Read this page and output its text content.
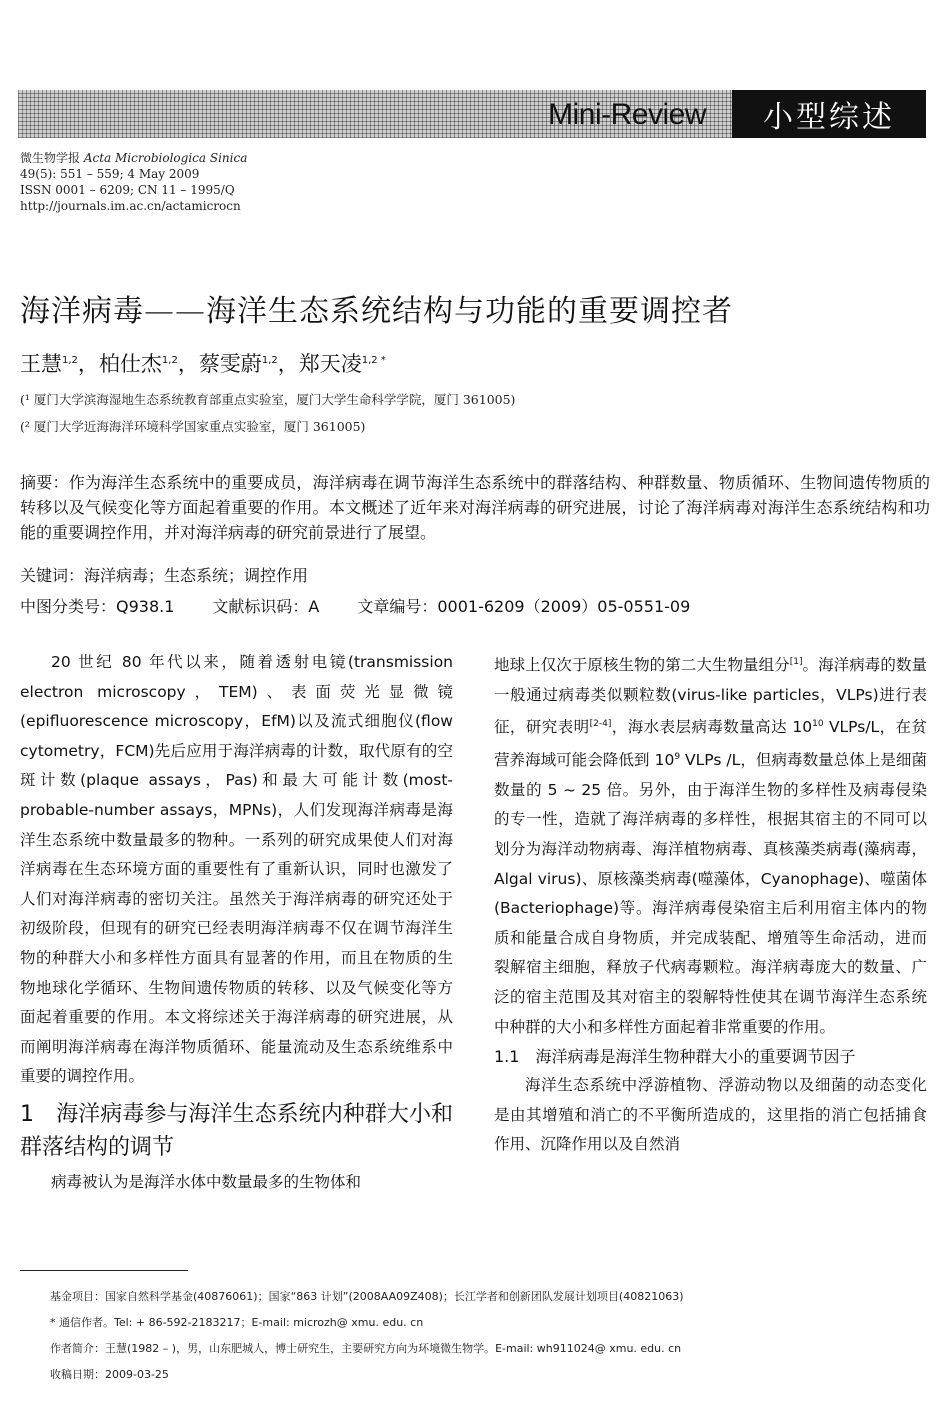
Mini-Review	小型综述
微生物学报 Acta Microbiologica Sinica
49(5): 551 – 559; 4 May 2009
ISSN 0001 – 6209; CN 11 – 1995/Q
http://journals.im.ac.cn/actamicrocn
海洋病毒——海洋生态系统结构与功能的重要调控者
王慧$^{1,2}$，柏仕杰$^{1,2}$，蔡雯蔚$^{1,2}$，郑天凌$^{1,2 *}$
(¹ 厦门大学滨海湿地生态系统教育部重点实验室，厦门大学生命科学学院，厦门 361005)
(² 厦门大学近海海洋环境科学国家重点实验室，厦门 361005)
摘要：作为海洋生态系统中的重要成员，海洋病毒在调节海洋生态系统中的群落结构、种群数量、物质循环、生物间遗传物质的转移以及气候变化等方面起着重要的作用。本文概述了近年来对海洋病毒的研究进展，讨论了海洋病毒对海洋生态系统结构和功能的重要调控作用，并对海洋病毒的研究前景进行了展望。
关键词：海洋病毒；生态系统；调控作用
中图分类号：Q938.1 文献标识码：A 文章编号：0001-6209（2009）05-0551-09

20 世纪 80 年代以来，随着透射电镜(transmission electron microscopy，TEM)、表面荧光显微镜(epifluorescence microscopy，EfM)以及流式细胞仪(flow cytometry，FCM)先后应用于海洋病毒的计数，取代原有的空斑计数(plaque assays，Pas)和最大可能计数(most-probable-number assays，MPNs)，人们发现海洋病毒是海洋生态系统中数量最多的物种。一系列的研究成果使人们对海洋病毒在生态环境方面的重要性有了重新认识，同时也激发了人们对海洋病毒的密切关注。虽然关于海洋病毒的研究还处于初级阶段，但现有的研究已经表明海洋病毒不仅在调节海洋生物的种群大小和多样性方面具有显著的作用，而且在物质的生物地球化学循环、生物间遗传物质的转移、以及气候变化等方面起着重要的作用。本文将综述关于海洋病毒的研究进展，从而阐明海洋病毒在海洋物质循环、能量流动及生态系统维系中重要的调控作用。

1　海洋病毒参与海洋生态系统内种群大小和群落结构的调节

病毒被认为是海洋水体中数量最多的生物体和

地球上仅次于原核生物的第二大生物量组分[1]。海洋病毒的数量一般通过病毒类似颗粒数(virus-like particles，VLPs)进行表征，研究表明[2-4]，海水表层病毒数量高达 $10^{10}$ VLPs/L，在贫营养海域可能会降低到 $10^9$ VLPs /L，但病毒数量总体上是细菌数量的 5 ~ 25 倍。另外，由于海洋生物的多样性及病毒侵染的专一性，造就了海洋病毒的多样性，根据其宿主的不同可以划分为海洋动物病毒、海洋植物病毒、真核藻类病毒(藻病毒，Algal virus)、原核藻类病毒(噬藻体，Cyanophage)、噬菌体(Bacteriophage)等。海洋病毒侵染宿主后利用宿主体内的物质和能量合成自身物质，并完成装配、增殖等生命活动，进而裂解宿主细胞，释放子代病毒颗粒。海洋病毒庞大的数量、广泛的宿主范围及其对宿主的裂解特性使其在调节海洋生态系统中种群的大小和多样性方面起着非常重要的作用。

1.1　海洋病毒是海洋生物种群大小的重要调节因子

海洋生态系统中浮游植物、浮游动物以及细菌的动态变化是由其增殖和消亡的不平衡所造成的，这里指的消亡包括捕食作用、沉降作用以及自然消

基金项目：国家自然科学基金(40876061)；国家“863 计划”(2008AA09Z408)；长江学者和创新团队发展计划项目(40821063)
* 通信作者。Tel: + 86-592-2183217；E-mail: microzh@ xmu. edu. cn
作者简介：王慧(1982 – )，男，山东肥城人，博士研究生，主要研究方向为环境微生物学。E-mail: wh911024@ xmu. edu. cn
收稿日期：2009-03-25
